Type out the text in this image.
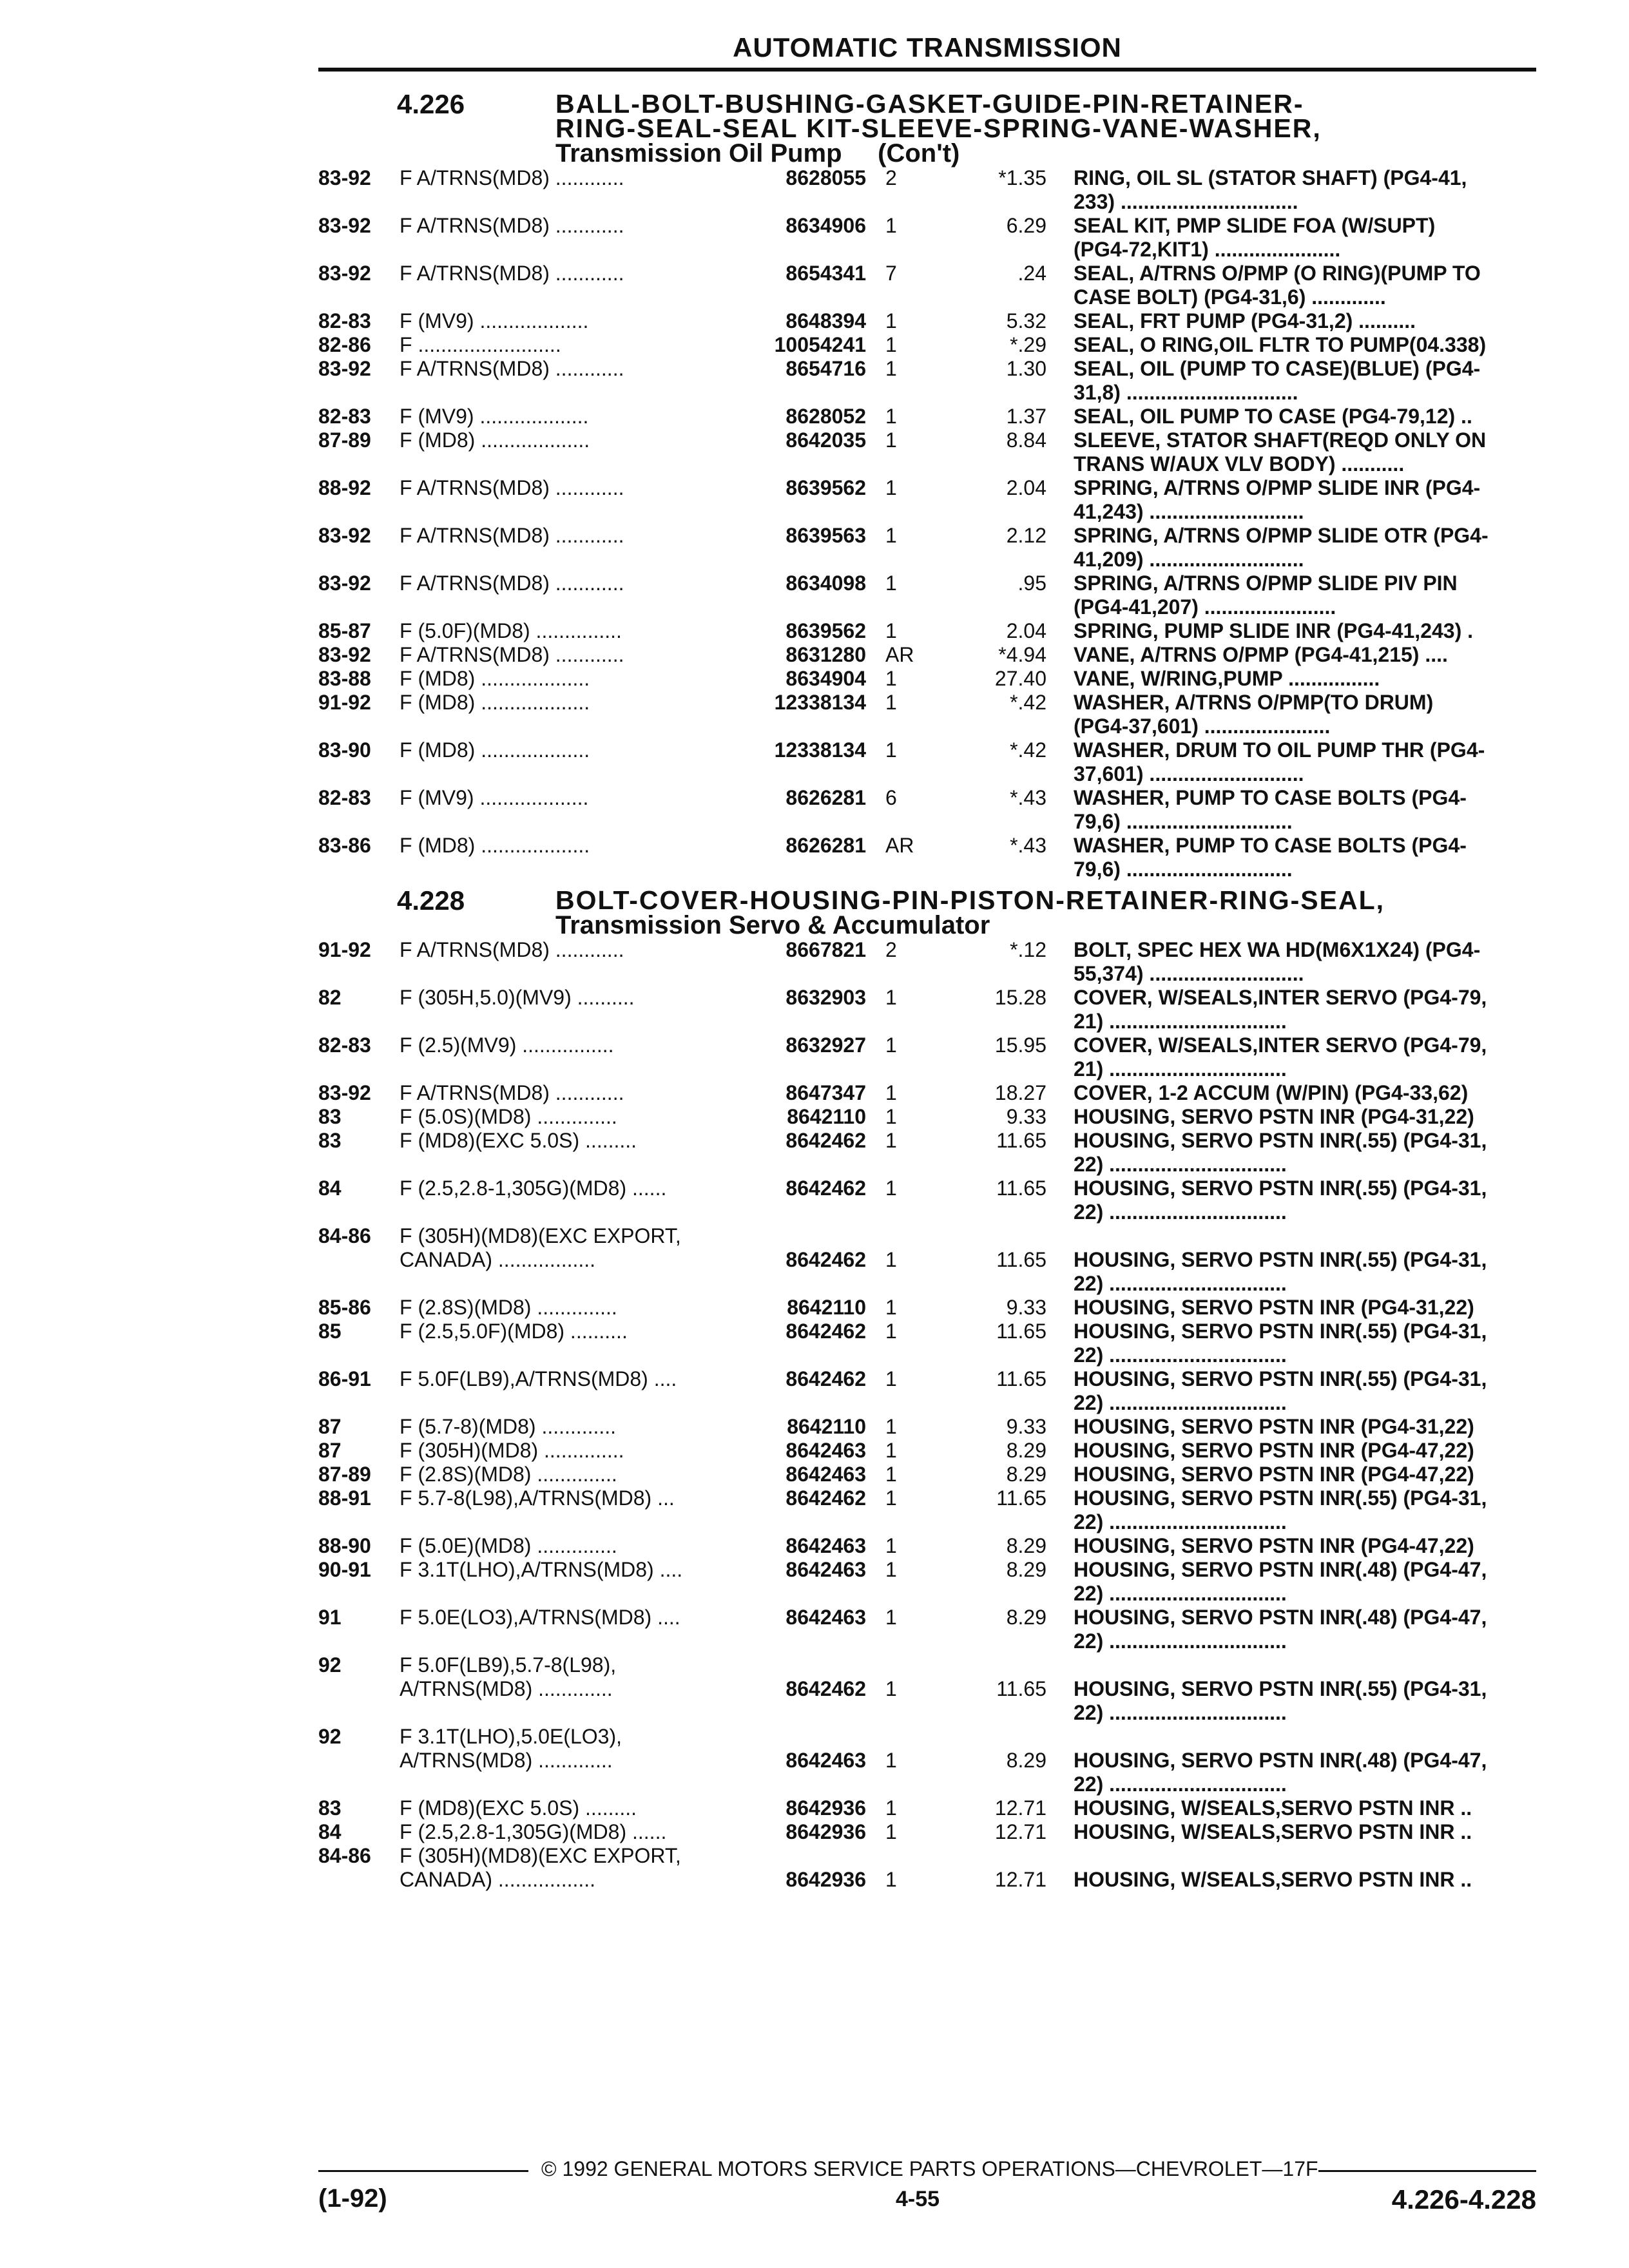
AUTOMATIC TRANSMISSION
4.226	BALL-BOLT-BUSHING-GASKET-GUIDE-PIN-RETAINER-
RING-SEAL-SEAL KIT-SLEEVE-SPRING-VANE-WASHER,
Transmission Oil Pump     (Con't)
83-92	F A/TRNS(MD8) ............	8628055 2	*1.35 RING, OIL SL (STATOR SHAFT) (PG4-41,
233) ...............................
83-92	F A/TRNS(MD8) ............	8634906 1	6.29 SEAL KIT, PMP SLIDE FOA (W/SUPT)
(PG4-72,KIT1) ......................
83-92	F A/TRNS(MD8) ............	8654341 7	.24 SEAL, A/TRNS O/PMP (O RING)(PUMP TO
CASE BOLT) (PG4-31,6) .............
82-83	F (MV9) ...................	8648394 1	5.32 SEAL, FRT PUMP (PG4-31,2) ..........
82-86	F .........................	10054241 1	*.29 SEAL, O RING,OIL FLTR TO PUMP(04.338)
83-92	F A/TRNS(MD8) ............	8654716 1	1.30 SEAL, OIL (PUMP TO CASE)(BLUE) (PG4-
31,8) ..............................
82-83	F (MV9) ...................	8628052 1	1.37 SEAL, OIL PUMP TO CASE (PG4-79,12) ..
87-89	F (MD8) ...................	8642035 1	8.84 SLEEVE, STATOR SHAFT(REQD ONLY ON
TRANS W/AUX VLV BODY) ...........
88-92	F A/TRNS(MD8) ............	8639562 1	2.04 SPRING, A/TRNS O/PMP SLIDE INR (PG4-
41,243) ...........................
83-92	F A/TRNS(MD8) ............	8639563 1	2.12 SPRING, A/TRNS O/PMP SLIDE OTR (PG4-
41,209) ...........................
83-92	F A/TRNS(MD8) ............	8634098 1	.95 SPRING, A/TRNS O/PMP SLIDE PIV PIN
(PG4-41,207) .......................
85-87	F (5.0F)(MD8) ...............	8639562 1	2.04 SPRING, PUMP SLIDE INR (PG4-41,243) .
83-92	F A/TRNS(MD8) ............	8631280 AR	*4.94 VANE, A/TRNS O/PMP (PG4-41,215) ....
83-88	F (MD8) ...................	8634904 1	27.40 VANE, W/RING,PUMP ................
91-92	F (MD8) ...................	12338134 1	*.42 WASHER, A/TRNS O/PMP(TO DRUM)
(PG4-37,601) ......................
83-90	F (MD8) ...................	12338134 1	*.42 WASHER, DRUM TO OIL PUMP THR (PG4-
37,601) ...........................
82-83	F (MV9) ...................	8626281 6	*.43 WASHER, PUMP TO CASE BOLTS (PG4-
79,6) .............................
83-86	F (MD8) ...................	8626281 AR	*.43 WASHER, PUMP TO CASE BOLTS (PG4-
79,6) .............................
4.228	BOLT-COVER-HOUSING-PIN-PISTON-RETAINER-RING-SEAL,
Transmission Servo & Accumulator
91-92	F A/TRNS(MD8) ............	8667821 2	*.12 BOLT, SPEC HEX WA HD(M6X1X24) (PG4-
55,374) ...........................
82	F (305H,5.0)(MV9) ..........	8632903 1	15.28 COVER, W/SEALS,INTER SERVO (PG4-79,
21) ...............................
82-83	F (2.5)(MV9) ................	8632927 1	15.95 COVER, W/SEALS,INTER SERVO (PG4-79,
21) ...............................
83-92	F A/TRNS(MD8) ............	8647347 1	18.27 COVER, 1-2 ACCUM (W/PIN) (PG4-33,62)
83	F (5.0S)(MD8) ..............	8642110 1	9.33 HOUSING, SERVO PSTN INR (PG4-31,22)
83	F (MD8)(EXC 5.0S) .........	8642462 1	11.65 HOUSING, SERVO PSTN INR(.55) (PG4-31,
22) ...............................
84	F (2.5,2.8-1,305G)(MD8) ......	8642462 1	11.65 HOUSING, SERVO PSTN INR(.55) (PG4-31,
22) ...............................
84-86	F (305H)(MD8)(EXC EXPORT,
CANADA) .................	8642462 1	11.65 HOUSING, SERVO PSTN INR(.55) (PG4-31,
22) ...............................
85-86	F (2.8S)(MD8) ..............	8642110 1	9.33 HOUSING, SERVO PSTN INR (PG4-31,22)
85	F (2.5,5.0F)(MD8) ..........	8642462 1	11.65 HOUSING, SERVO PSTN INR(.55) (PG4-31,
22) ...............................
86-91	F 5.0F(LB9),A/TRNS(MD8) ....	8642462 1	11.65 HOUSING, SERVO PSTN INR(.55) (PG4-31,
22) ...............................
87	F (5.7-8)(MD8) .............	8642110 1	9.33 HOUSING, SERVO PSTN INR (PG4-31,22)
87	F (305H)(MD8) ..............	8642463 1	8.29 HOUSING, SERVO PSTN INR (PG4-47,22)
87-89	F (2.8S)(MD8) ..............	8642463 1	8.29 HOUSING, SERVO PSTN INR (PG4-47,22)
88-91	F 5.7-8(L98),A/TRNS(MD8) ...	8642462 1	11.65 HOUSING, SERVO PSTN INR(.55) (PG4-31,
22) ...............................
88-90	F (5.0E)(MD8) ..............	8642463 1	8.29 HOUSING, SERVO PSTN INR (PG4-47,22)
90-91	F 3.1T(LHO),A/TRNS(MD8) ....	8642463 1	8.29 HOUSING, SERVO PSTN INR(.48) (PG4-47,
22) ...............................
91	F 5.0E(LO3),A/TRNS(MD8) ....	8642463 1	8.29 HOUSING, SERVO PSTN INR(.48) (PG4-47,
22) ...............................
92	F 5.0F(LB9),5.7-8(L98),
A/TRNS(MD8) .............	8642462 1	11.65 HOUSING, SERVO PSTN INR(.55) (PG4-31,
22) ...............................
92	F 3.1T(LHO),5.0E(LO3),
A/TRNS(MD8) .............	8642463 1	8.29 HOUSING, SERVO PSTN INR(.48) (PG4-47,
22) ...............................
83	F (MD8)(EXC 5.0S) .........	8642936 1	12.71 HOUSING, W/SEALS,SERVO PSTN INR ..
84	F (2.5,2.8-1,305G)(MD8) ......	8642936 1	12.71 HOUSING, W/SEALS,SERVO PSTN INR ..
84-86	F (305H)(MD8)(EXC EXPORT,
CANADA) .................	8642936 1	12.71 HOUSING, W/SEALS,SERVO PSTN INR ..
© 1992 GENERAL MOTORS SERVICE PARTS OPERATIONS—CHEVROLET—17F
(1-92)	4-55	4.226-4.228
